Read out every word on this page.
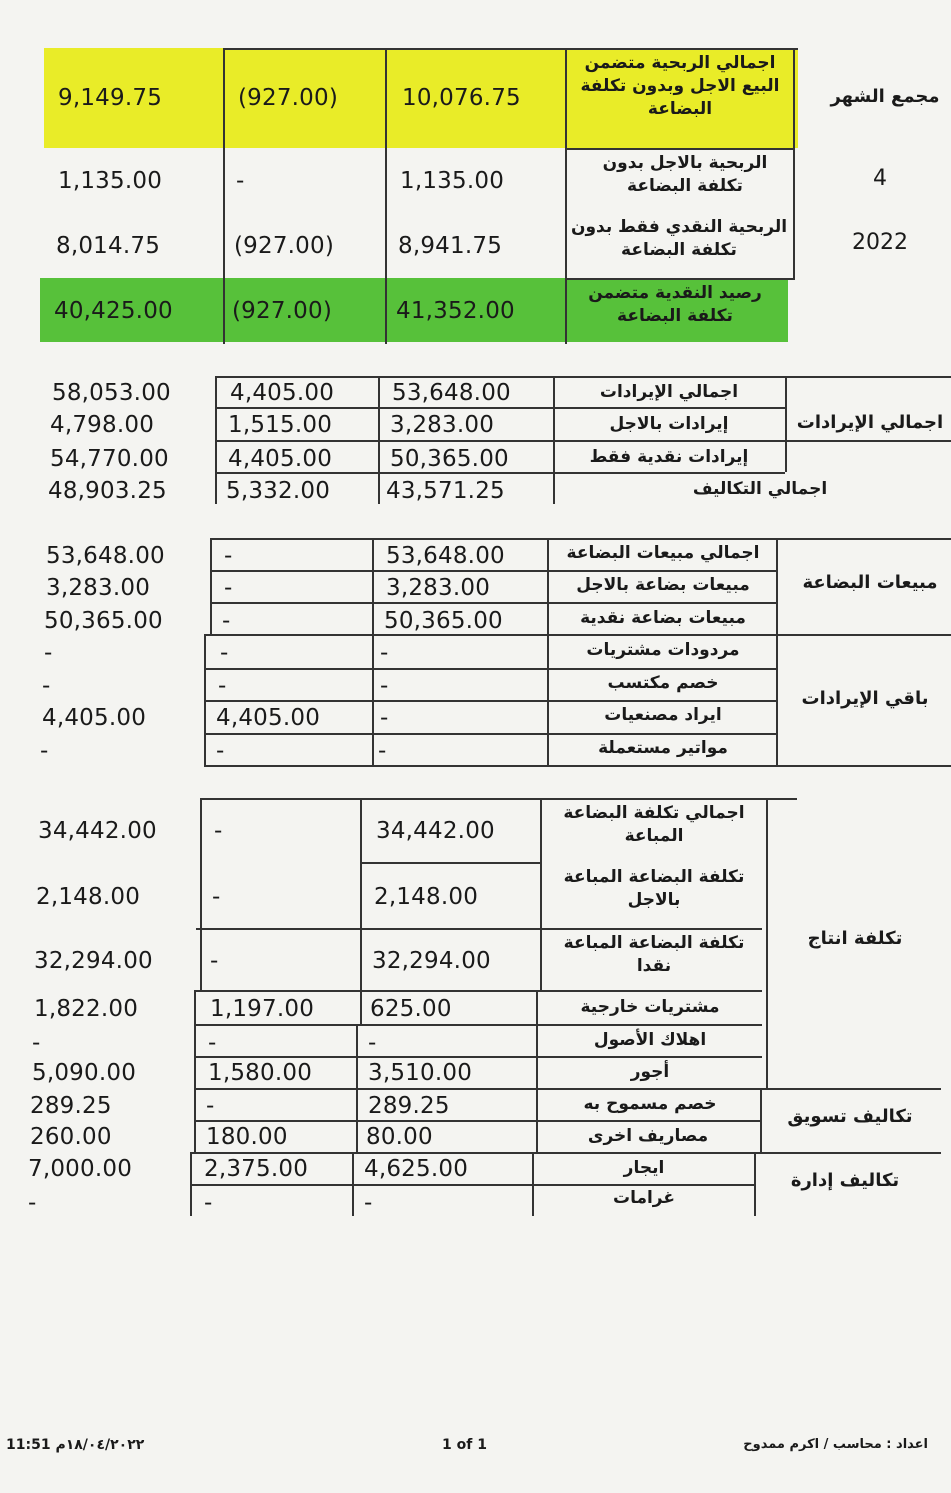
مجمع الشهر
4
2022
9,149.75	(927.00)	10,076.75
اجمالي الربحية متضمن البيع الاجل وبدون تكلفة البضاعة
1,135.00	-	1,135.00
الربحية بالاجل بدون تكلفة البضاعة
8,014.75	(927.00)	8,941.75
الربحية النقدي فقط بدون تكلفة البضاعة
40,425.00	(927.00)	41,352.00
رصيد النقدية متضمن تكلفة البضاعة
اجمالي الإيرادات
58,053.00	4,405.00	53,648.00	اجمالي الإيرادات
4,798.00	1,515.00	3,283.00	إيرادات بالاجل
54,770.00	4,405.00	50,365.00	إيرادات نقدية فقط
48,903.25	5,332.00 43,571.25	اجمالي التكاليف
مبيعات البضاعة
باقي الإيرادات
53,648.00	-	53,648.00	اجمالي مبيعات البضاعة
3,283.00	-	3,283.00	مبيعات بضاعة بالاجل
50,365.00	-	50,365.00	مبيعات بضاعة نقدية
-	-	-	مردودات مشتريات
-	-	-	خصم مكتسب
4,405.00	4,405.00	-	ايراد مصنعيات
-	-	-	مواتير مستعملة
تكلفة انتاج
تكاليف تسويق
تكاليف إدارة
34,442.00 -	34,442.00
اجمالي تكلفة البضاعة المباعة
2,148.00	-	2,148.00
تكلفة البضاعة المباعة بالاجل
32,294.00 -	32,294.00
تكلفة البضاعة المباعة نقدا
1,822.00	1,197.00 625.00	مشتريات خارجية
-	-	-	اهلاك الأصول
5,090.00	1,580.00 3,510.00	أجور
289.25	-	289.25	خصم مسموح به
260.00	180.00	80.00	مصاريف اخرى
7,000.00	2,375.00 4,625.00	ايجار
-	-	-	غرامات
11:51 ١٨/٠٤/٢٠٢٢م	1 of 1	اعداد : محاسب / اكرم ممدوح
